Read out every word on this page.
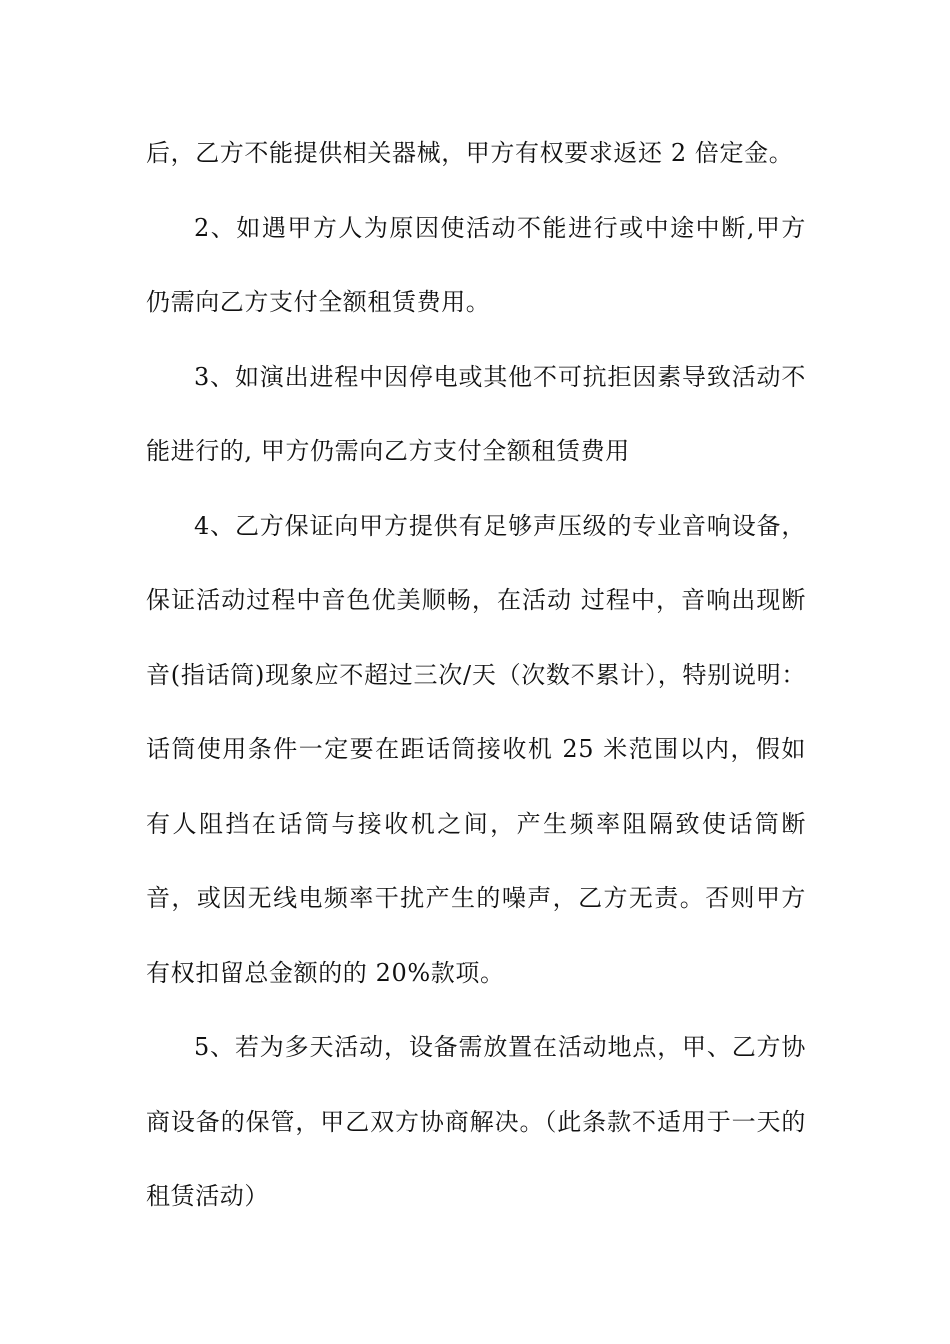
后，乙方不能提供相关器械，甲方有权要求返还 2 倍定金。

2、如遇甲方人为原因使活动不能进行或中途中断,甲方仍需向乙方支付全额租赁费用。

3、如演出进程中因停电或其他不可抗拒因素导致活动不能进行的, 甲方仍需向乙方支付全额租赁费用

4、乙方保证向甲方提供有足够声压级的专业音响设备，保证活动过程中音色优美顺畅，在活动 过程中，音响出现断音(指话筒)现象应不超过三次/天（次数不累计），特别说明：话筒使用条件一定要在距话筒接收机 25 米范围以内，假如有人阻挡在话筒与接收机之间，产生频率阻隔致使话筒断音，或因无线电频率干扰产生的噪声，乙方无责。否则甲方有权扣留总金额的的 20%款项。

5、若为多天活动，设备需放置在活动地点，甲、乙方协商设备的保管，甲乙双方协商解决。（此条款不适用于一天的租赁活动）
